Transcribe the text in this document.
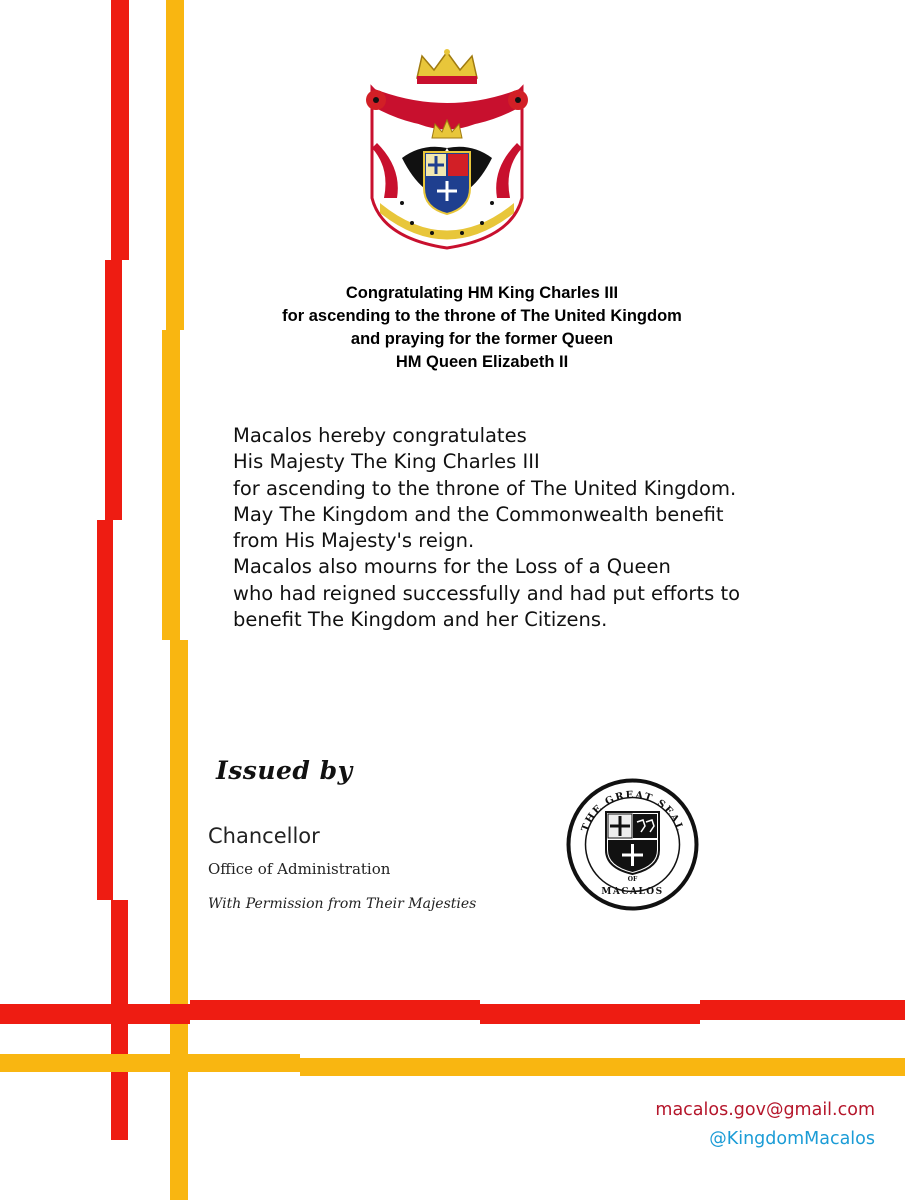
Congratulating HM King Charles III
for ascending to the throne of The United Kingdom
and praying for the former Queen
HM Queen Elizabeth II
Macalos hereby congratulates
His Majesty The King Charles III
for ascending to the throne of The United Kingdom.
May The Kingdom and the Commonwealth benefit
from His Majesty's reign.
Macalos also mourns for the Loss of a Queen
who had reigned successfully and had put efforts to
benefit The Kingdom and her Citizens.
Issued by
Chancellor
Office of Administration
With Permission from Their Majesties
THE GREAT SEAL
OF
MACALOS
macalos.gov@gmail.com
@KingdomMacalos
